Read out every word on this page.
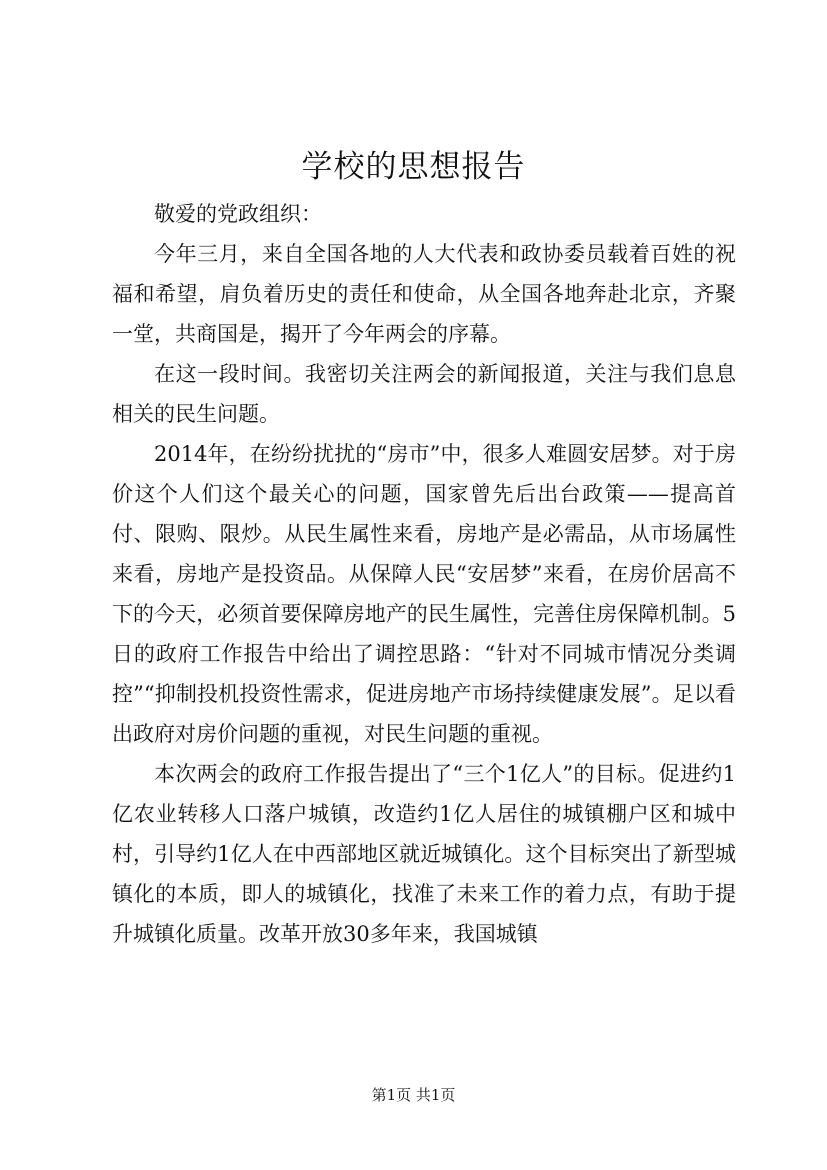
学校的思想报告

敬爱的党政组织：

今年三月，来自全国各地的人大代表和政协委员载着百姓的祝福和希望，肩负着历史的责任和使命，从全国各地奔赴北京，齐聚一堂，共商国是，揭开了今年两会的序幕。

在这一段时间。我密切关注两会的新闻报道，关注与我们息息相关的民生问题。

2014年，在纷纷扰扰的“房市”中，很多人难圆安居梦。对于房价这个人们这个最关心的问题，国家曾先后出台政策——提高首付、限购、限炒。从民生属性来看，房地产是必需品，从市场属性来看，房地产是投资品。从保障人民“安居梦”来看，在房价居高不下的今天，必须首要保障房地产的民生属性，完善住房保障机制。5日的政府工作报告中给出了调控思路：“针对不同城市情况分类调控”“抑制投机投资性需求，促进房地产市场持续健康发展”。足以看出政府对房价问题的重视，对民生问题的重视。

本次两会的政府工作报告提出了“三个1亿人”的目标。促进约1亿农业转移人口落户城镇，改造约1亿人居住的城镇棚户区和城中村，引导约1亿人在中西部地区就近城镇化。这个目标突出了新型城镇化的本质，即人的城镇化，找准了未来工作的着力点，有助于提升城镇化质量。改革开放30多年来，我国城镇

第1页 共1页
